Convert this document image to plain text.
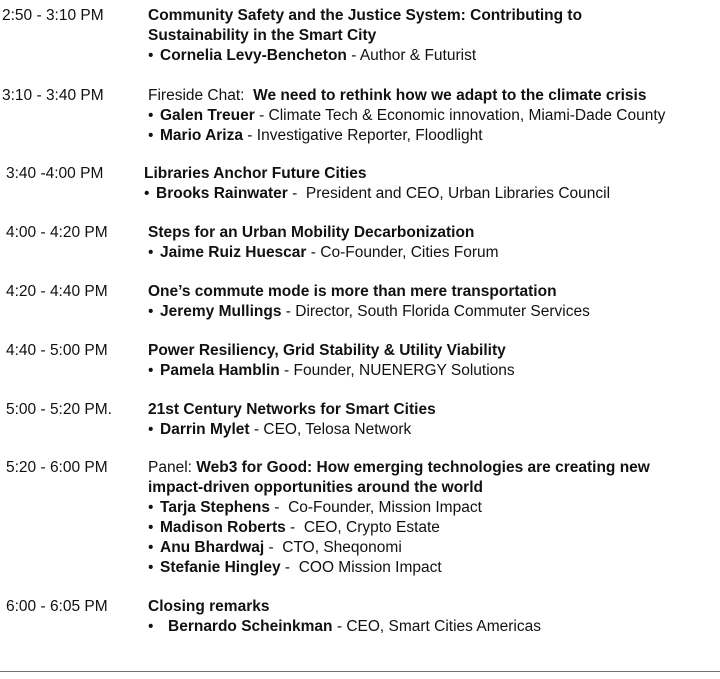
2:50 - 3:10 PM	Community Safety and the Justice System: Contributing to
Sustainability in the Smart City
• Cornelia Levy-Bencheton - Author & Futurist
3:10 - 3:40 PM	Fireside Chat:  We need to rethink how we adapt to the climate crisis
• Galen Treuer - Climate Tech & Economic innovation, Miami-Dade County
• Mario Ariza - Investigative Reporter, Floodlight
3:40 -4:00 PM	Libraries Anchor Future Cities
• Brooks Rainwater -  President and CEO, Urban Libraries Council
4:00 - 4:20 PM	Steps for an Urban Mobility Decarbonization
• Jaime Ruiz Huescar - Co-Founder, Cities Forum
4:20 - 4:40 PM	One’s commute mode is more than mere transportation
• Jeremy Mullings - Director, South Florida Commuter Services
4:40 - 5:00 PM	Power Resiliency, Grid Stability & Utility Viability
• Pamela Hamblin - Founder, NUENERGY Solutions
5:00 - 5:20 PM. 21st Century Networks for Smart Cities
• Darrin Mylet - CEO, Telosa Network
5:20 - 6:00 PM	Panel: Web3 for Good: How emerging technologies are creating new
impact-driven opportunities around the world
• Tarja Stephens -  Co-Founder, Mission Impact
• Madison Roberts -  CEO, Crypto Estate
• Anu Bhardwaj -  CTO, Sheqonomi
• Stefanie Hingley -  COO Mission Impact
6:00 - 6:05 PM	Closing remarks
• Bernardo Scheinkman - CEO, Smart Cities Americas
